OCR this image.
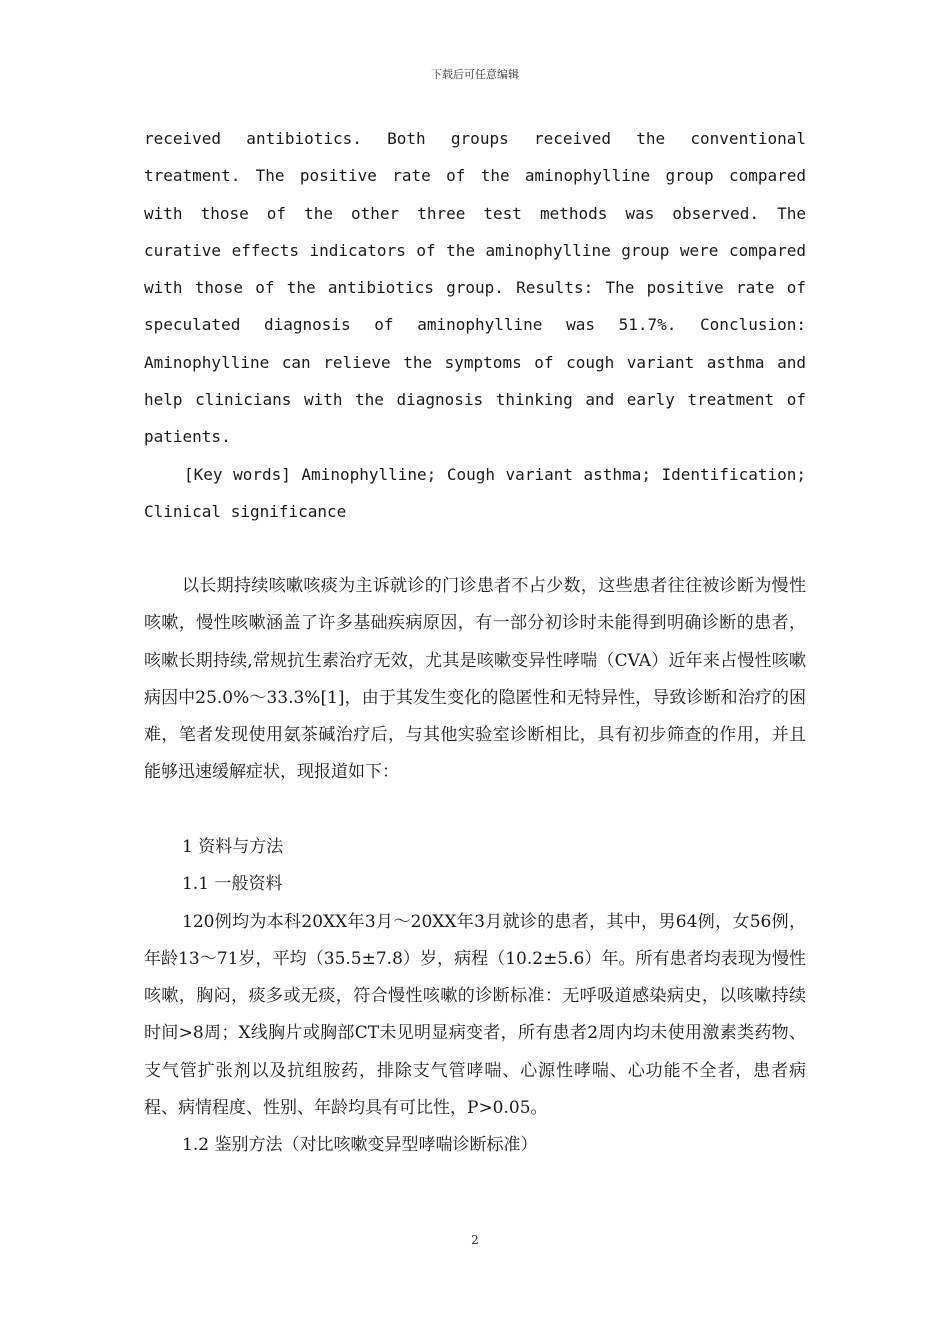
下载后可任意编辑

received antibiotics. Both groups received the conventional treatment. The positive rate of the aminophylline group compared with those of the other three test methods was observed. The curative effects indicators of the aminophylline group were compared with those of the antibiotics group. Results: The positive rate of speculated diagnosis of aminophylline was 51.7%. Conclusion: Aminophylline can relieve the symptoms of cough variant asthma and help clinicians with the diagnosis thinking and early treatment of patients.

[Key words] Aminophylline; Cough variant asthma; Identification; Clinical significance

以长期持续咳嗽咳痰为主诉就诊的门诊患者不占少数，这些患者往往被诊断为慢性咳嗽，慢性咳嗽涵盖了许多基础疾病原因，有一部分初诊时未能得到明确诊断的患者，咳嗽长期持续,常规抗生素治疗无效，尤其是咳嗽变异性哮喘（CVA）近年来占慢性咳嗽病因中25.0%～33.3%[1]，由于其发生变化的隐匿性和无特异性，导致诊断和治疗的困难，笔者发现使用氨茶碱治疗后，与其他实验室诊断相比，具有初步筛查的作用，并且能够迅速缓解症状，现报道如下：

1 资料与方法

1.1 一般资料

120例均为本科20XX年3月～20XX年3月就诊的患者，其中，男64例，女56例，年龄13～71岁，平均（35.5±7.8）岁，病程（10.2±5.6）年。所有患者均表现为慢性咳嗽，胸闷，痰多或无痰，符合慢性咳嗽的诊断标准：无呼吸道感染病史，以咳嗽持续时间>8周；X线胸片或胸部CT未见明显病变者，所有患者2周内均未使用激素类药物、支气管扩张剂以及抗组胺药，排除支气管哮喘、心源性哮喘、心功能不全者，患者病程、病情程度、性别、年龄均具有可比性，P>0.05。

1.2 鉴别方法（对比咳嗽变异型哮喘诊断标准）

2
